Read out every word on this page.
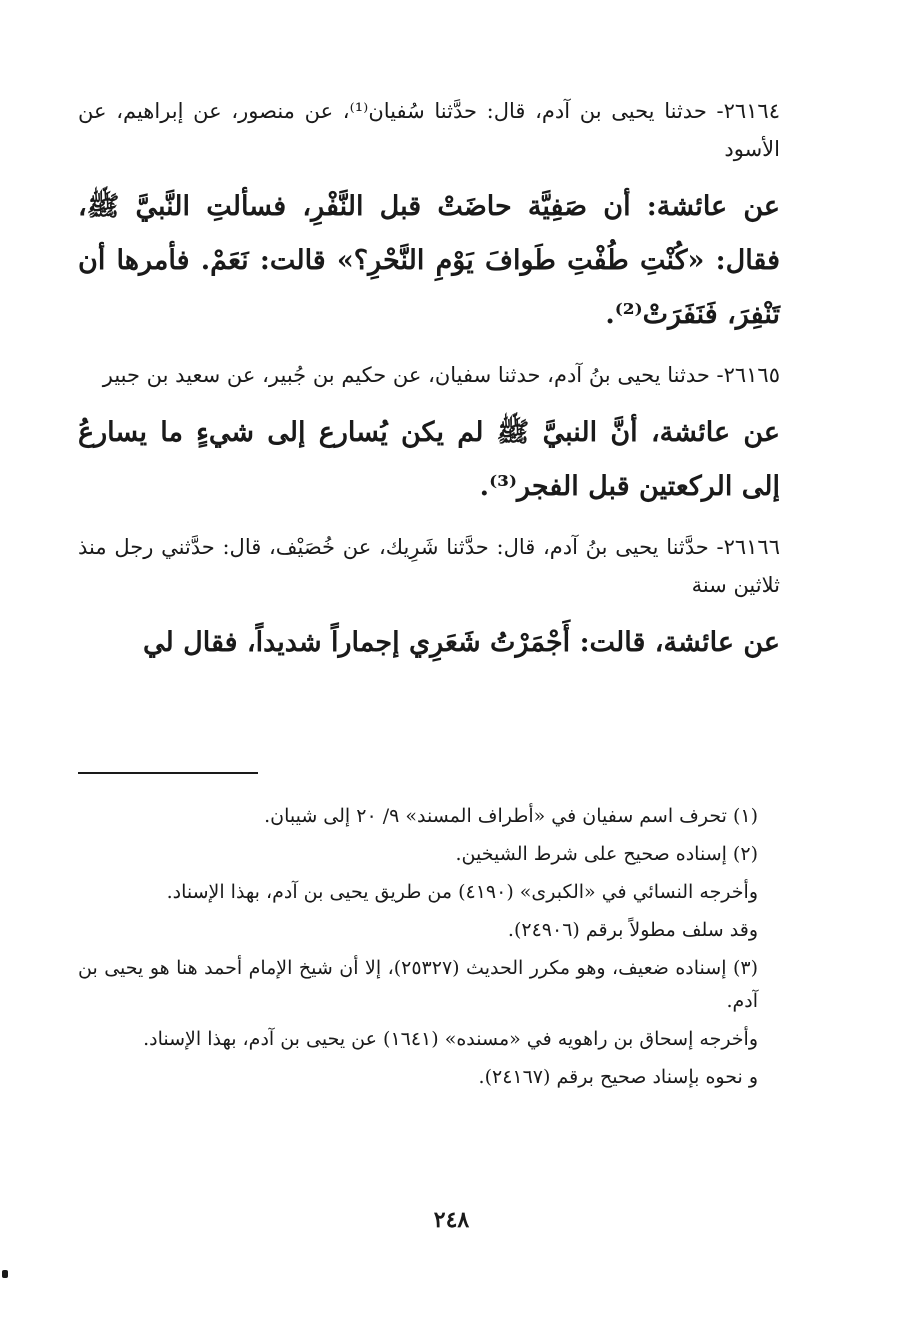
٢٦١٦٤- حدثنا يحيى بن آدم، قال: حدَّثنا سُفيان⁽¹⁾، عن منصور، عن إبراهيم، عن الأسود

عن عائشة: أن صَفِيَّة حاضَتْ قبل النَّفْرِ، فسألتِ النَّبيَّ ﷺ، فقال: «كُنْتِ طُفْتِ طَوافَ يَوْمِ النَّحْرِ؟» قالت: نَعَمْ. فأمرها أن تَنْفِرَ، فَنَفَرَتْ⁽²⁾.

٢٦١٦٥- حدثنا يحيى بنُ آدم، حدثنا سفيان، عن حكيم بن جُبير، عن سعيد بن جبير

عن عائشة، أنَّ النبيَّ ﷺ لم يكن يُسارع إلى شيءٍ ما يسارعُ إلى الركعتين قبل الفجر⁽³⁾.

٢٦١٦٦- حدَّثنا يحيى بنُ آدم، قال: حدَّثنا شَرِيك، عن خُصَيْف، قال: حدَّثني رجل منذ ثلاثين سنة

عن عائشة، قالت: أَجْمَرْتُ شَعَرِي إجماراً شديداً، فقال لي

(١) تحرف اسم سفيان في «أطراف المسند» ٩/ ٢٠ إلى شيبان.

(٢) إسناده صحيح على شرط الشيخين.

وأخرجه النسائي في «الكبرى» (٤١٩٠) من طريق يحيى بن آدم، بهذا الإسناد.

وقد سلف مطولاً برقم (٢٤٩٠٦).

(٣) إسناده ضعيف، وهو مكرر الحديث (٢٥٣٢٧)، إلا أن شيخ الإمام أحمد هنا هو يحيى بن آدم.

وأخرجه إسحاق بن راهويه في «مسنده» (١٦٤١) عن يحيى بن آدم، بهذا الإسناد.

و نحوه بإسناد صحيح برقم (٢٤١٦٧).

٢٤٨
